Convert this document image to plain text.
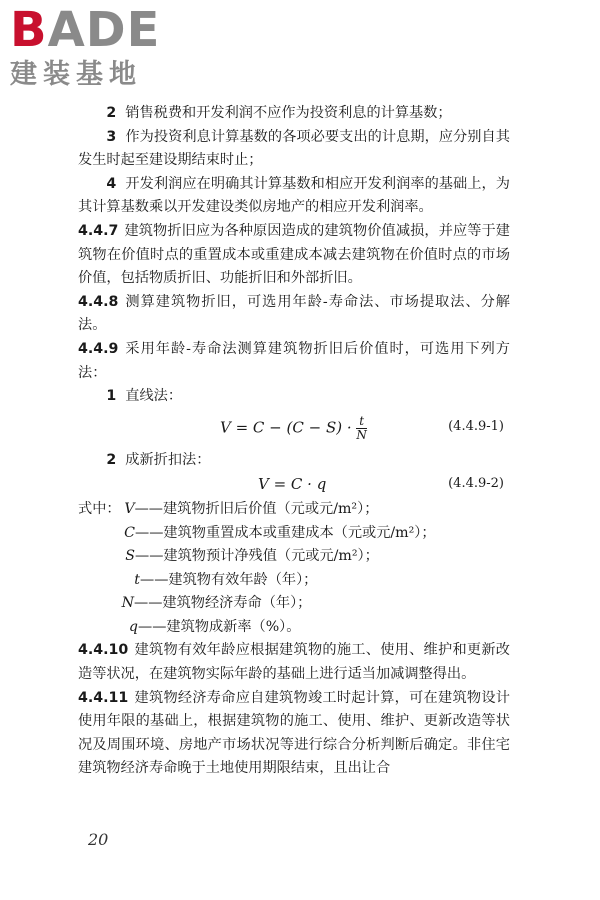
BADE
建装基地

2 销售税费和开发利润不应作为投资利息的计算基数；

3 作为投资利息计算基数的各项必要支出的计息期，应分别自其发生时起至建设期结束时止；

4 开发利润应在明确其计算基数和相应开发利润率的基础上，为其计算基数乘以开发建设类似房地产的相应开发利润率。

4.4.7 建筑物折旧应为各种原因造成的建筑物价值减损，并应等于建筑物在价值时点的重置成本或重建成本减去建筑物在价值时点的市场价值，包括物质折旧、功能折旧和外部折旧。

4.4.8 测算建筑物折旧，可选用年龄-寿命法、市场提取法、分解法。

4.4.9 采用年龄-寿命法测算建筑物折旧后价值时，可选用下列方法：

1 直线法：

$V = C - (C - S) \cdot \frac{t}{N}$	(4.4.9-1)

2 成新折扣法：

V = C · q	(4.4.9-2)
式中： V——建筑物折旧后价值（元或元/m²）；
C——建筑物重置成本或重建成本（元或元/m²）；
S——建筑物预计净残值（元或元/m²）；
t——建筑物有效年龄（年）；
N——建筑物经济寿命（年）；
q——建筑物成新率（%）。

4.4.10 建筑物有效年龄应根据建筑物的施工、使用、维护和更新改造等状况，在建筑物实际年龄的基础上进行适当加减调整得出。

4.4.11 建筑物经济寿命应自建筑物竣工时起计算，可在建筑物设计使用年限的基础上，根据建筑物的施工、使用、维护、更新改造等状况及周围环境、房地产市场状况等进行综合分析判断后确定。非住宅建筑物经济寿命晚于土地使用期限结束，且出让合

20
